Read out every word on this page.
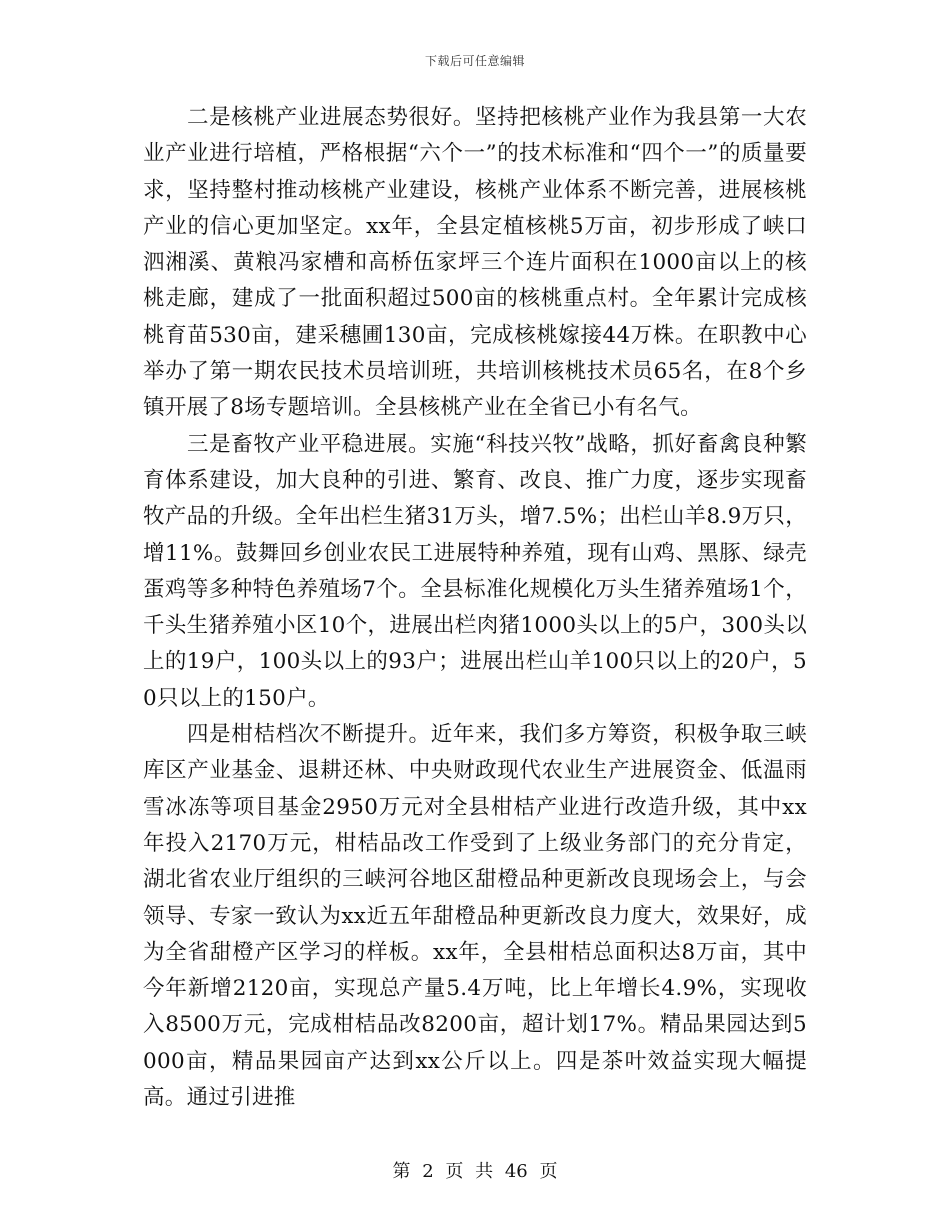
下载后可任意编辑

二是核桃产业进展态势很好。坚持把核桃产业作为我县第一大农业产业进行培植，严格根据“六个一”的技术标准和“四个一”的质量要求，坚持整村推动核桃产业建设，核桃产业体系不断完善，进展核桃产业的信心更加坚定。xx年，全县定植核桃5万亩，初步形成了峡口泗湘溪、黄粮冯家槽和高桥伍家坪三个连片面积在1000亩以上的核桃走廊，建成了一批面积超过500亩的核桃重点村。全年累计完成核桃育苗530亩，建采穗圃130亩，完成核桃嫁接44万株。在职教中心举办了第一期农民技术员培训班，共培训核桃技术员65名，在8个乡镇开展了8场专题培训。全县核桃产业在全省已小有名气。

三是畜牧产业平稳进展。实施“科技兴牧”战略，抓好畜禽良种繁育体系建设，加大良种的引进、繁育、改良、推广力度，逐步实现畜牧产品的升级。全年出栏生猪31万头，增7.5%；出栏山羊8.9万只，增11%。鼓舞回乡创业农民工进展特种养殖，现有山鸡、黑豚、绿壳蛋鸡等多种特色养殖场7个。全县标准化规模化万头生猪养殖场1个，千头生猪养殖小区10个，进展出栏肉猪1000头以上的5户，300头以上的19户，100头以上的93户；进展出栏山羊100只以上的20户，50只以上的150户。

四是柑桔档次不断提升。近年来，我们多方筹资，积极争取三峡库区产业基金、退耕还林、中央财政现代农业生产进展资金、低温雨雪冰冻等项目基金2950万元对全县柑桔产业进行改造升级，其中xx年投入2170万元，柑桔品改工作受到了上级业务部门的充分肯定，湖北省农业厅组织的三峡河谷地区甜橙品种更新改良现场会上，与会领导、专家一致认为xx近五年甜橙品种更新改良力度大，效果好，成为全省甜橙产区学习的样板。xx年，全县柑桔总面积达8万亩，其中今年新增2120亩，实现总产量5.4万吨，比上年增长4.9%，实现收入8500万元，完成柑桔品改8200亩，超计划17%。精品果园达到5000亩，精品果园亩产达到xx公斤以上。四是茶叶效益实现大幅提高。通过引进推

第 2 页 共 46 页
